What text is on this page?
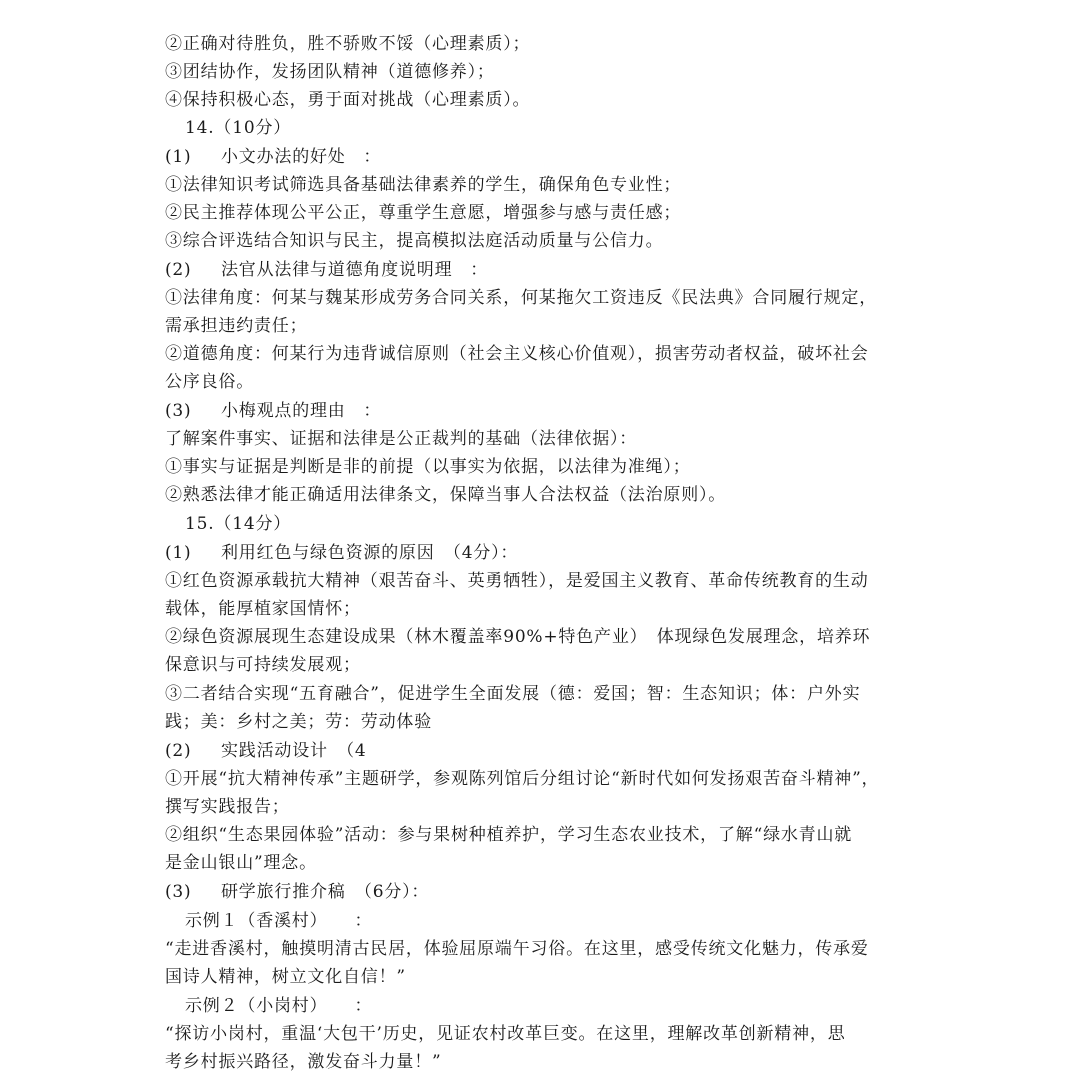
②正确对待胜负，胜不骄败不馁（心理素质）；
③团结协作，发扬团队精神（道德修养）；
④保持积极心态，勇于面对挑战（心理素质）。
14.（10分）
(1) 小文办法的好处　：
①法律知识考试筛选具备基础法律素养的学生，确保角色专业性；
②民主推荐体现公平公正，尊重学生意愿，增强参与感与责任感；
③综合评选结合知识与民主，提高模拟法庭活动质量与公信力。
(2) 法官从法律与道德角度说明理　：
①法律角度：何某与魏某形成劳务合同关系，何某拖欠工资违反《民法典》合同履行规定，
需承担违约责任；
②道德角度：何某行为违背诚信原则（社会主义核心价值观），损害劳动者权益，破坏社会
公序良俗。
(3) 小梅观点的理由　：
了解案件事实、证据和法律是公正裁判的基础（法律依据）：
①事实与证据是判断是非的前提（以事实为依据，以法律为准绳）；
②熟悉法律才能正确适用法律条文，保障当事人合法权益（法治原则）。
15.（14分）
(1) 利用红色与绿色资源的原因　（4分）：
①红色资源承载抗大精神（艰苦奋斗、英勇牺牲），是爱国主义教育、革命传统教育的生动
载体，能厚植家国情怀；
②绿色资源展现生态建设成果（林木覆盖率90%+特色产业）　体现绿色发展理念，培养环
保意识与可持续发展观；
③二者结合实现“五育融合”，促进学生全面发展（德：爱国；智：生态知识；体：户外实
践；美：乡村之美；劳：劳动体验
(2) 实践活动设计　（4
①开展“抗大精神传承”主题研学，参观陈列馆后分组讨论“新时代如何发扬艰苦奋斗精神”，
撰写实践报告；
②组织“生态果园体验”活动：参与果树种植养护，学习生态农业技术，了解“绿水青山就
是金山银山”理念。
(3) 研学旅行推介稿　（6分）：
示例１（香溪村）　　：
“走进香溪村，触摸明清古民居，体验屈原端午习俗。在这里，感受传统文化魅力，传承爱
国诗人精神，树立文化自信！”
示例２（小岗村）　　：
“探访小岗村，重温‘大包干’历史，见证农村改革巨变。在这里，理解改革创新精神，思
考乡村振兴路径，激发奋斗力量！”
